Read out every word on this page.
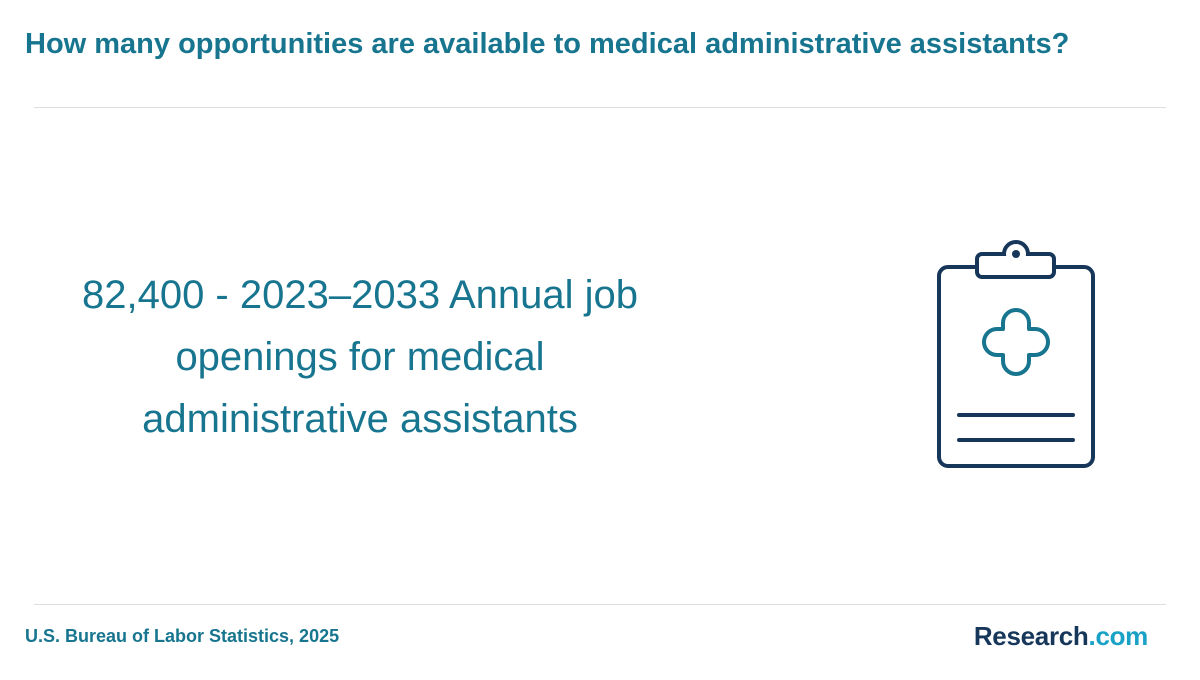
How many opportunities are available to medical administrative assistants?

82,400 - 2023–2033 Annual job
openings for medical
administrative assistants

U.S. Bureau of Labor Statistics, 2025	Research.com
